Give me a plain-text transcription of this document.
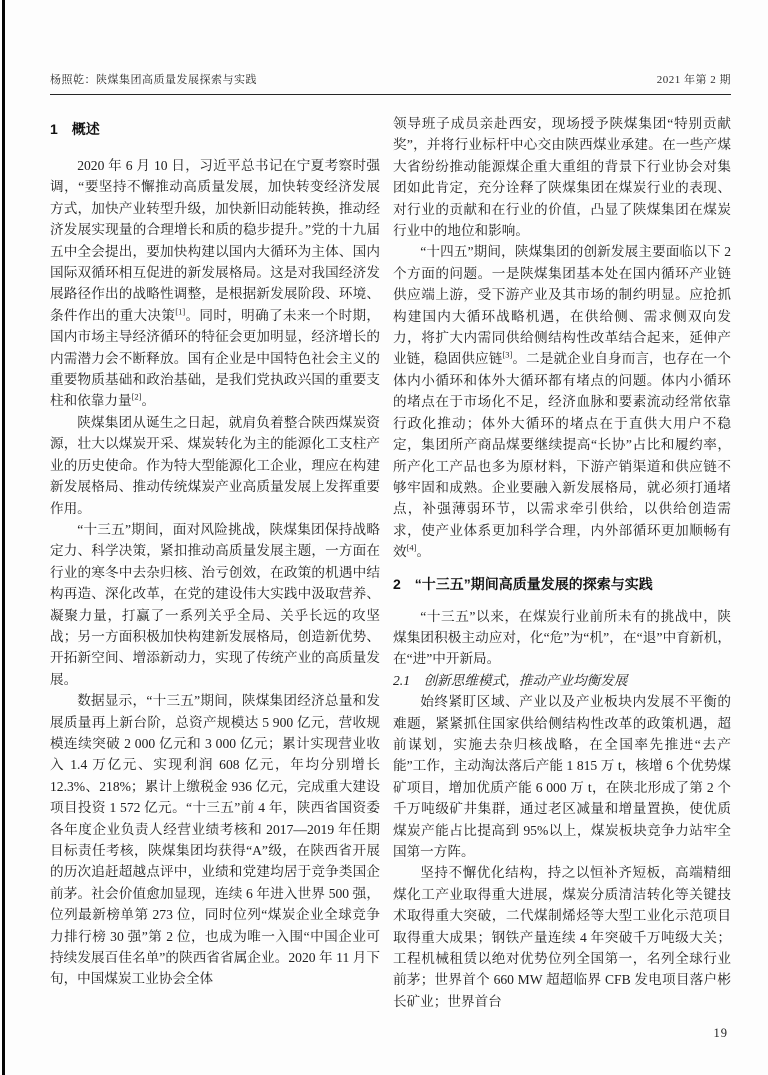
杨照乾：陕煤集团高质量发展探索与实践	2021 年第 2 期
1　概述

2020 年 6 月 10 日，习近平总书记在宁夏考察时强调，“要坚持不懈推动高质量发展，加快转变经济发展方式，加快产业转型升级，加快新旧动能转换，推动经济发展实现量的合理增长和质的稳步提升。”党的十九届五中全会提出，要加快构建以国内大循环为主体、国内国际双循环相互促进的新发展格局。这是对我国经济发展路径作出的战略性调整，是根据新发展阶段、环境、条件作出的重大决策[1]。同时，明确了未来一个时期，国内市场主导经济循环的特征会更加明显，经济增长的内需潜力会不断释放。国有企业是中国特色社会主义的重要物质基础和政治基础，是我们党执政兴国的重要支柱和依靠力量[2]。

陕煤集团从诞生之日起，就肩负着整合陕西煤炭资源，壮大以煤炭开采、煤炭转化为主的能源化工支柱产业的历史使命。作为特大型能源化工企业，理应在构建新发展格局、推动传统煤炭产业高质量发展上发挥重要作用。

“十三五”期间，面对风险挑战，陕煤集团保持战略定力、科学决策，紧扣推动高质量发展主题，一方面在行业的寒冬中去杂归核、治亏创效，在政策的机遇中结构再造、深化改革，在党的建设伟大实践中汲取营养、凝聚力量，打赢了一系列关乎全局、关乎长远的攻坚战；另一方面积极加快构建新发展格局，创造新优势、开拓新空间、增添新动力，实现了传统产业的高质量发展。

数据显示，“十三五”期间，陕煤集团经济总量和发展质量再上新台阶，总资产规模达 5 900 亿元，营收规模连续突破 2 000 亿元和 3 000 亿元；累计实现营业收入 1.4 万亿元、实现利润 608 亿元，年均分别增长 12.3%、218%；累计上缴税金 936 亿元，完成重大建设项目投资 1 572 亿元。“十三五”前 4 年，陕西省国资委各年度企业负责人经营业绩考核和 2017—2019 年任期目标责任考核，陕煤集团均获得“A”级，在陕西省开展的历次追赶超越点评中，业绩和党建均居于竞争类国企前茅。社会价值愈加显现，连续 6 年进入世界 500 强，位列最新榜单第 273 位，同时位列“煤炭企业全球竞争力排行榜 30 强”第 2 位，也成为唯一入围“中国企业可持续发展百佳名单”的陕西省省属企业。2020 年 11 月下旬，中国煤炭工业协会全体

领导班子成员亲赴西安，现场授予陕煤集团“特别贡献奖”，并将行业标杆中心交由陕西煤业承建。在一些产煤大省纷纷推动能源煤企重大重组的背景下行业协会对集团如此肯定，充分诠释了陕煤集团在煤炭行业的表现、对行业的贡献和在行业的价值，凸显了陕煤集团在煤炭行业中的地位和影响。

“十四五”期间，陕煤集团的创新发展主要面临以下 2 个方面的问题。一是陕煤集团基本处在国内循环产业链供应端上游，受下游产业及其市场的制约明显。应抢抓构建国内大循环战略机遇，在供给侧、需求侧双向发力，将扩大内需同供给侧结构性改革结合起来，延伸产业链，稳固供应链[3]。二是就企业自身而言，也存在一个体内小循环和体外大循环都有堵点的问题。体内小循环的堵点在于市场化不足，经济血脉和要素流动经常依靠行政化推动；体外大循环的堵点在于直供大用户不稳定，集团所产商品煤要继续提高“长协”占比和履约率，所产化工产品也多为原材料，下游产销渠道和供应链不够牢固和成熟。企业要融入新发展格局，就必须打通堵点，补强薄弱环节，以需求牵引供给，以供给创造需求，使产业体系更加科学合理，内外部循环更加顺畅有效[4]。

2　“十三五”期间高质量发展的探索与实践

“十三五”以来，在煤炭行业前所未有的挑战中，陕煤集团积极主动应对，化“危”为“机”，在“退”中育新机，在“进”中开新局。

2.1　创新思维模式，推动产业均衡发展

始终紧盯区域、产业以及产业板块内发展不平衡的难题，紧紧抓住国家供给侧结构性改革的政策机遇，超前谋划，实施去杂归核战略，在全国率先推进“去产能”工作，主动淘汰落后产能 1 815 万 t，核增 6 个优势煤矿项目，增加优质产能 6 000 万 t，在陕北形成了第 2 个千万吨级矿井集群，通过老区减量和增量置换，使优质煤炭产能占比提高到 95%以上，煤炭板块竞争力站牢全国第一方阵。

坚持不懈优化结构，持之以恒补齐短板，高端精细煤化工产业取得重大进展，煤炭分质清洁转化等关键技术取得重大突破，二代煤制烯烃等大型工业化示范项目取得重大成果；钢铁产量连续 4 年突破千万吨级大关；工程机械租赁以绝对优势位列全国第一，名列全球行业前茅；世界首个 660 MW 超超临界 CFB 发电项目落户彬长矿业；世界首台

19
